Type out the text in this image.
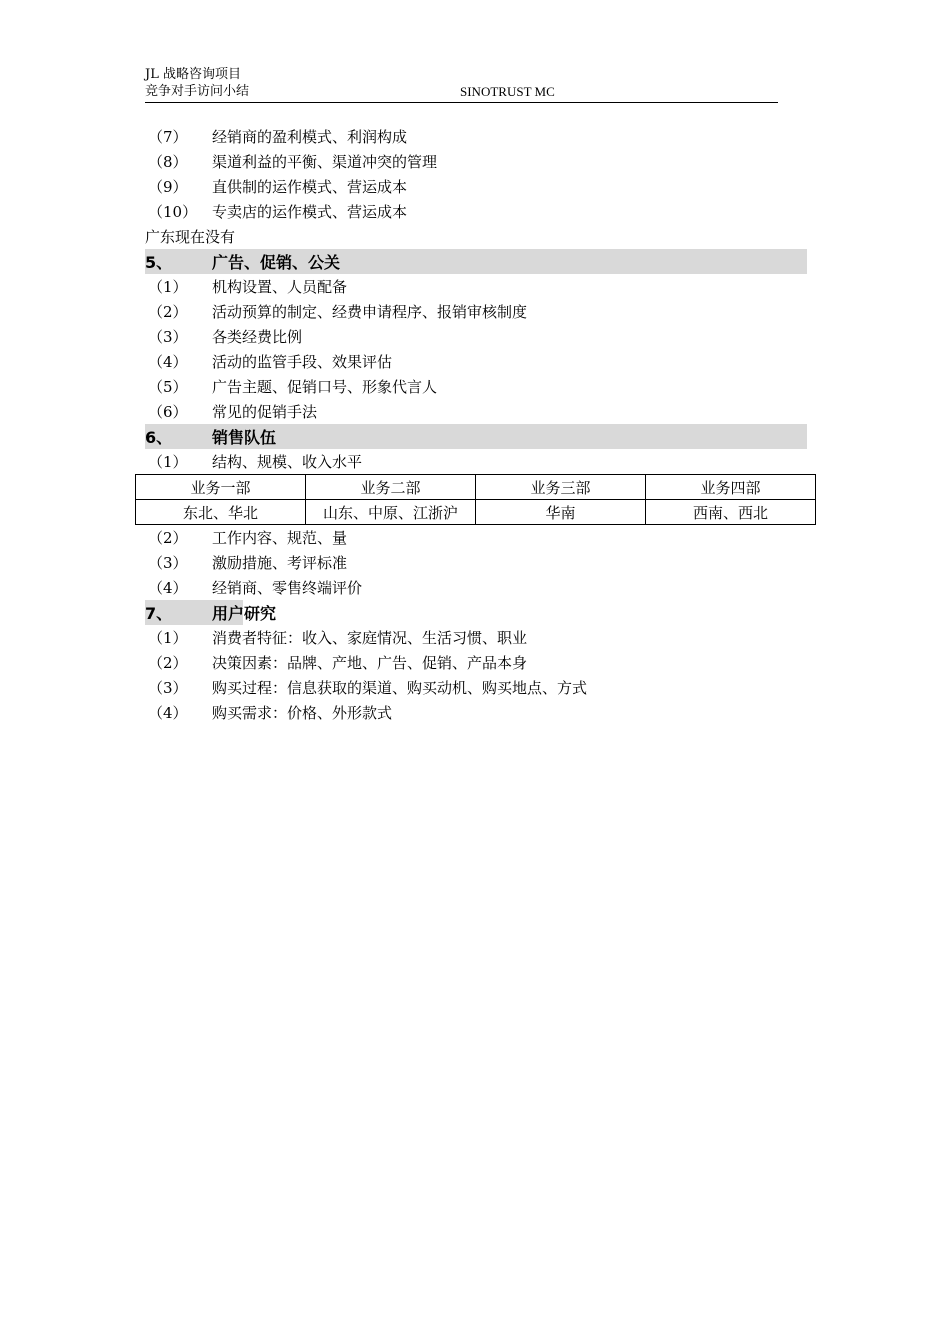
JL 战略咨询项目
竞争对手访问小结	SINOTRUST MC
（7）	经销商的盈利模式、利润构成
（8）	渠道利益的平衡、渠道冲突的管理
（9）	直供制的运作模式、营运成本
（10） 专卖店的运作模式、营运成本
广东现在没有
5、	广告、促销、公关
（1）	机构设置、人员配备
（2）	活动预算的制定、经费申请程序、报销审核制度
（3）	各类经费比例
（4）	活动的监管手段、效果评估
（5）	广告主题、促销口号、形象代言人
（6）	常见的促销手法
6、	销售队伍
（1）	结构、规模、收入水平
业务一部	业务二部	业务三部	业务四部
东北、华北	山东、中原、江浙沪	华南	西南、西北
（2）	工作内容、规范、量
（3）	激励措施、考评标准
（4）	经销商、零售终端评价
7、	用户研究
（1）	消费者特征：收入、家庭情况、生活习惯、职业
（2）	决策因素：品牌、产地、广告、促销、产品本身
（3）	购买过程：信息获取的渠道、购买动机、购买地点、方式
（4）	购买需求：价格、外形款式
